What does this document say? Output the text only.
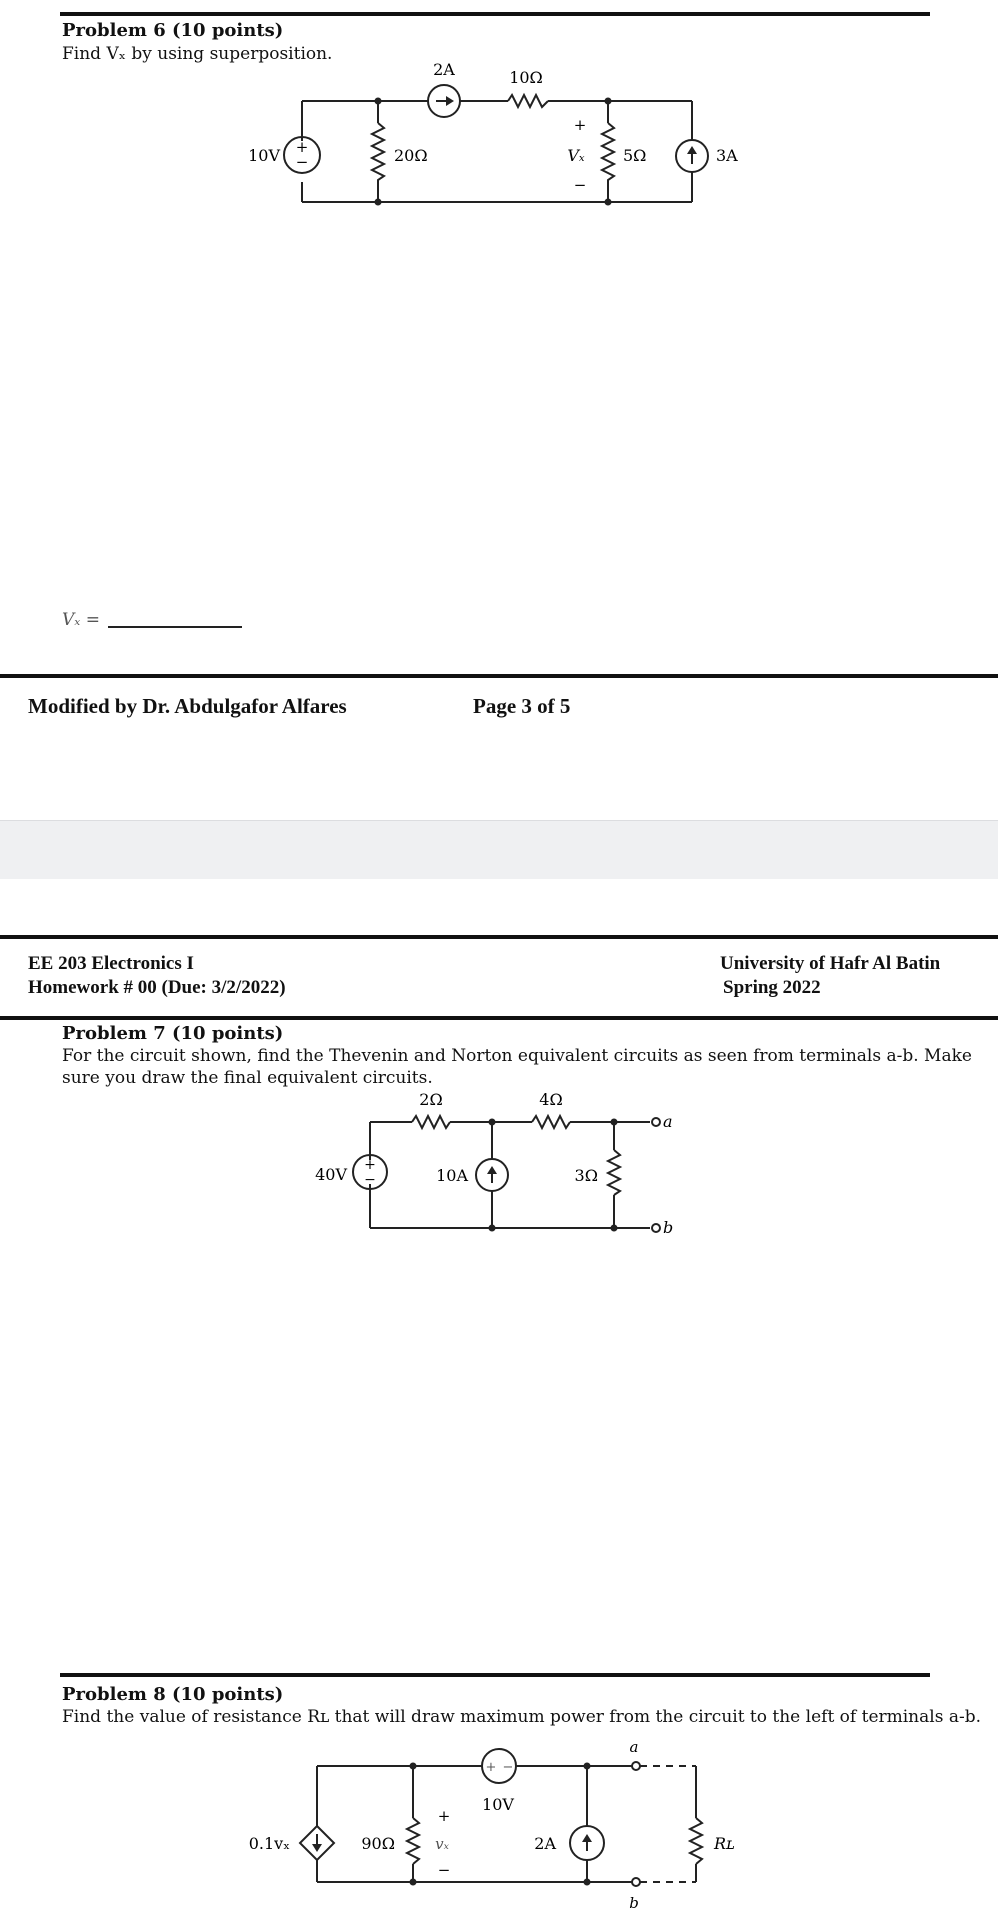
Problem 6 (10 points)
Find Vₓ by using superposition.
+
−
10V	20Ω
2A	10Ω
+
Vₓ
−
5Ω	3A
Vₓ =
Modified by Dr. Abdulgafor Alfares	Page 3 of 5
EE 203 Electronics I
Homework # 00 (Due: 3/2/2022)
University of Hafr Al Batin
Spring 2022
Problem 7 (10 points)
For the circuit shown, find the Thevenin and Norton equivalent circuits as seen from terminals a-b. Make
sure you draw the final equivalent circuits.
+
−
40V
2Ω	4Ω
10A	3Ω
a
b
Problem 8 (10 points)
Find the value of resistance Rʟ that will draw maximum power from the circuit to the left of terminals a-b.
+ −
0.1vₓ	90Ω
+
vₓ
−
10V
2A	Rʟ
a
b
